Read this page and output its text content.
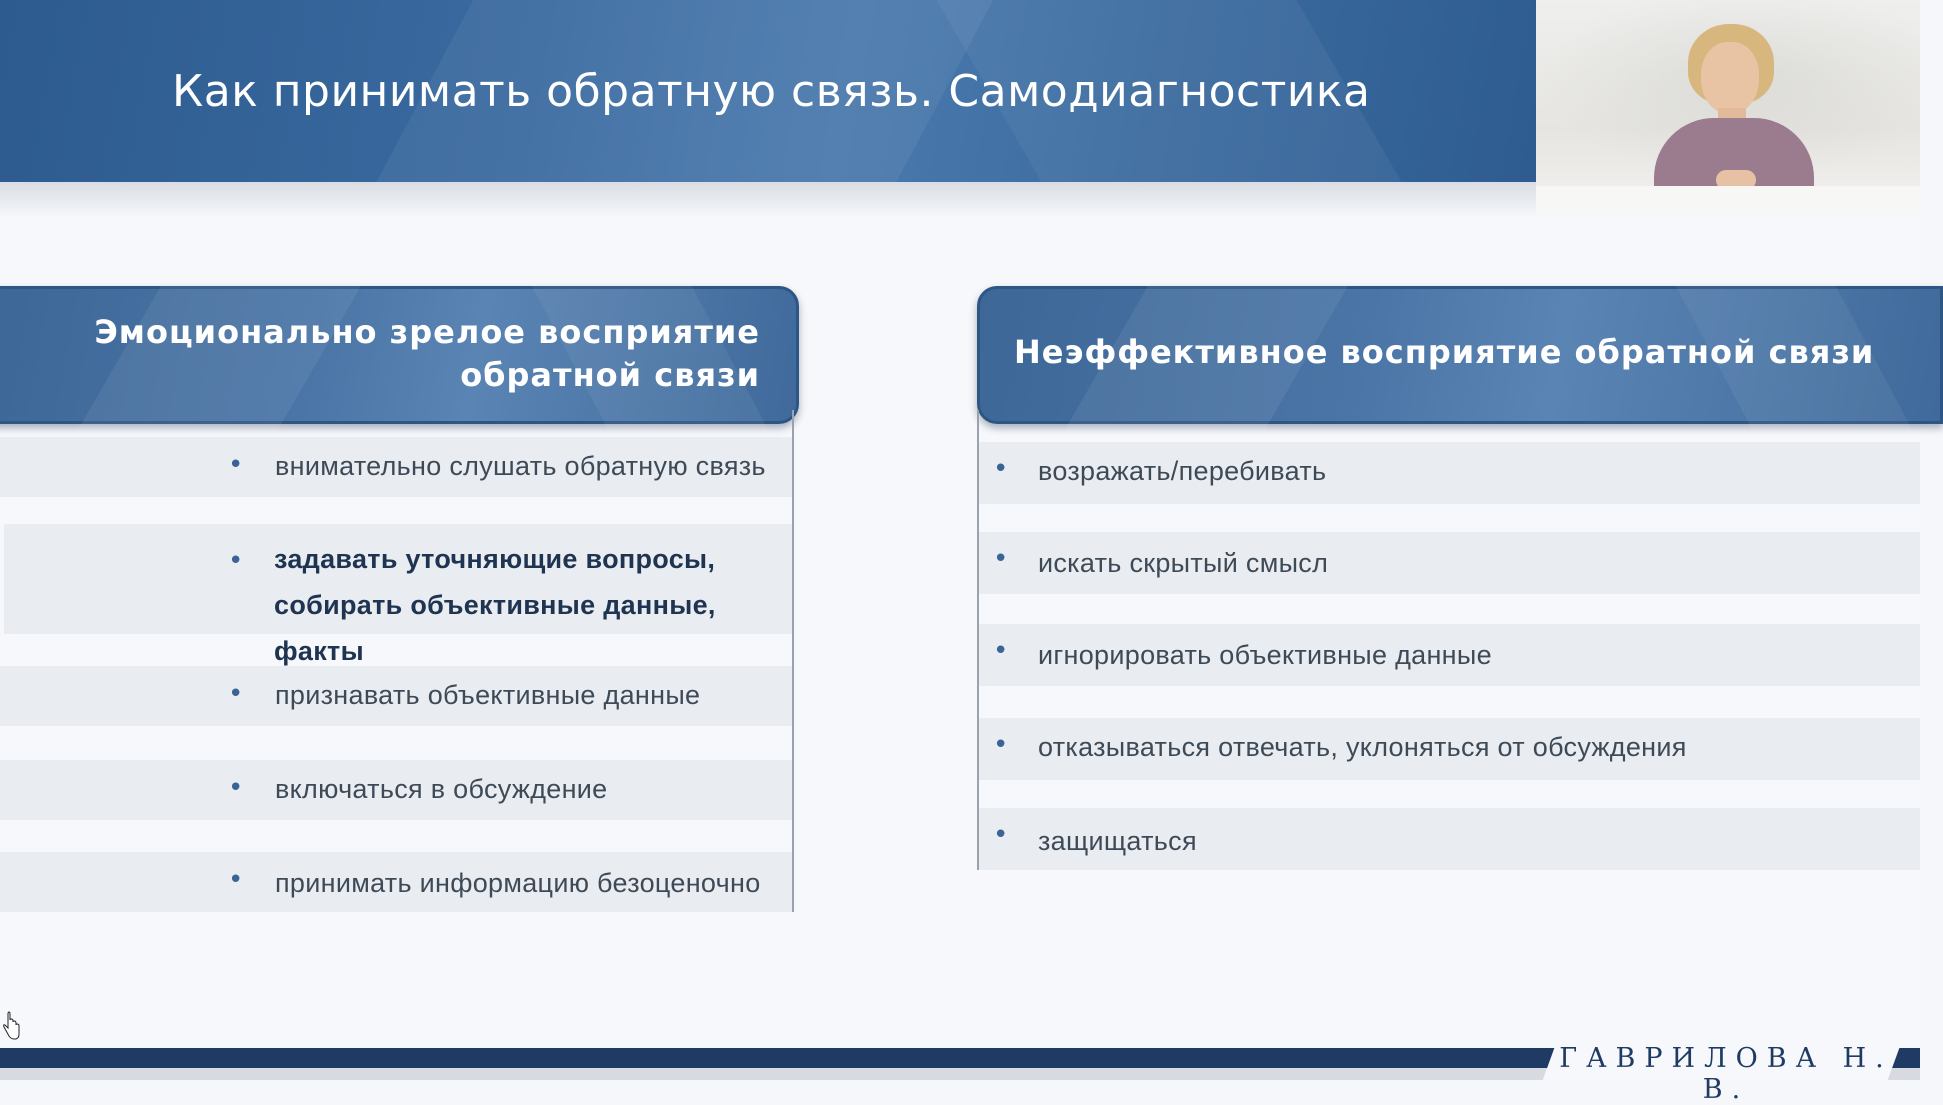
Как принимать обратную связь. Самодиагностика
Эмоционально зрелое восприятие обратной связи
• внимательно слушать обратную связь
• задавать уточняющие вопросы, собирать объективные данные, факты
• признавать объективные данные
• включаться в обсуждение
• принимать информацию безоценочно
Неэффективное восприятие обратной связи
• возражать/перебивать
• искать скрытый смысл
• игнорировать объективные данные
• отказываться отвечать, уклоняться от обсуждения
• защищаться
ГАВРИЛОВА Н. В.
